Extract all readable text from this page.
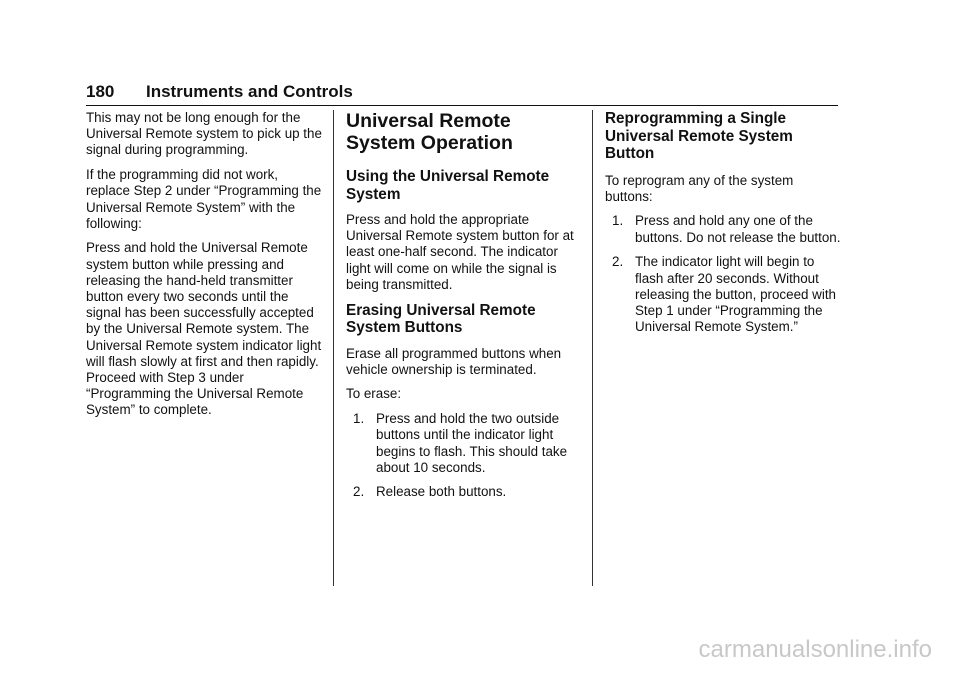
180 Instruments and Controls

This may not be long enough for the Universal Remote system to pick up the signal during programming.

If the programming did not work, replace Step 2 under “Programming the Universal Remote System” with the following:

Press and hold the Universal Remote system button while pressing and releasing the hand-held transmitter button every two seconds until the signal has been successfully accepted by the Universal Remote system. The Universal Remote system indicator light will flash slowly at first and then rapidly. Proceed with Step 3 under “Programming the Universal Remote System” to complete.

Universal Remote System Operation
Using the Universal Remote System

Press and hold the appropriate Universal Remote system button for at least one-half second. The indicator light will come on while the signal is being transmitted.

Erasing Universal Remote System Buttons

Erase all programmed buttons when vehicle ownership is terminated.

To erase:

1. Press and hold the two outside buttons until the indicator light begins to flash. This should take about 10 seconds.
2. Release both buttons.
Reprogramming a Single Universal Remote System Button

To reprogram any of the system buttons:

1. Press and hold any one of the buttons. Do not release the button.
2. The indicator light will begin to flash after 20 seconds. Without releasing the button, proceed with Step 1 under “Programming the Universal Remote System.”
carmanualsonline.info
